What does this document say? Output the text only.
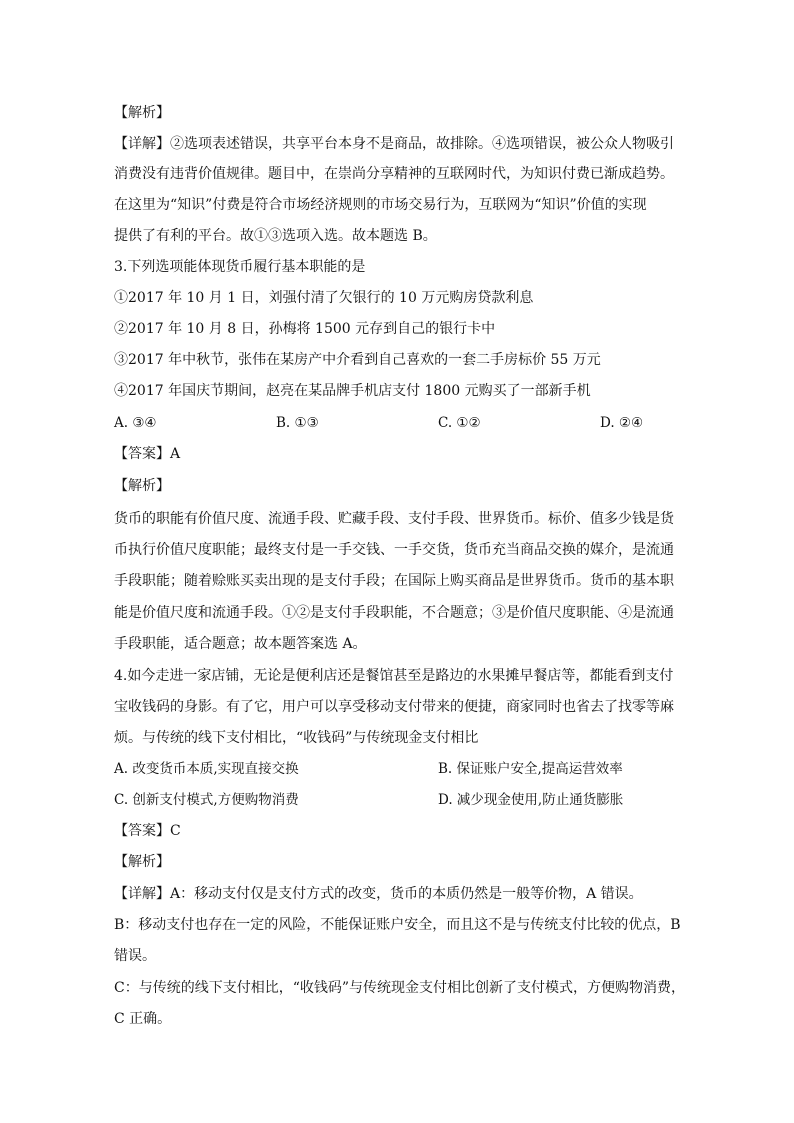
【解析】
【详解】②选项表述错误，共享平台本身不是商品，故排除。④选项错误，被公众人物吸引
消费没有违背价值规律。题目中，在崇尚分享精神的互联网时代，为知识付费已渐成趋势。
在这里为“知识”付费是符合市场经济规则的市场交易行为，互联网为“知识”价值的实现
提供了有利的平台。故①③选项入选。故本题选 B。
3.下列选项能体现货币履行基本职能的是
①2017 年 10 月 1 日，刘强付清了欠银行的 10 万元购房贷款利息
②2017 年 10 月 8 日，孙梅将 1500 元存到自己的银行卡中
③2017 年中秋节，张伟在某房产中介看到自己喜欢的一套二手房标价 55 万元
④2017 年国庆节期间，赵亮在某品牌手机店支付 1800 元购买了一部新手机
A. ③④	B. ①③	C. ①②	D. ②④
【答案】A
【解析】
货币的职能有价值尺度、流通手段、贮藏手段、支付手段、世界货币。标价、值多少钱是货
币执行价值尺度职能；最终支付是一手交钱、一手交货，货币充当商品交换的媒介，是流通
手段职能；随着赊账买卖出现的是支付手段；在国际上购买商品是世界货币。货币的基本职
能是价值尺度和流通手段。①②是支付手段职能，不合题意；③是价值尺度职能、④是流通
手段职能，适合题意；故本题答案选 A。
4.如今走进一家店铺，无论是便利店还是餐馆甚至是路边的水果摊早餐店等，都能看到支付
宝收钱码的身影。有了它，用户可以享受移动支付带来的便捷，商家同时也省去了找零等麻
烦。与传统的线下支付相比，“收钱码”与传统现金支付相比
A. 改变货币本质,实现直接交换	B. 保证账户安全,提高运营效率
C. 创新支付模式,方便购物消费	D. 减少现金使用,防止通货膨胀
【答案】C
【解析】
【详解】A：移动支付仅是支付方式的改变，货币的本质仍然是一般等价物，A 错误。
B：移动支付也存在一定的风险，不能保证账户安全，而且这不是与传统支付比较的优点，B
错误。
C：与传统的线下支付相比，“收钱码”与传统现金支付相比创新了支付模式，方便购物消费，
C 正确。
